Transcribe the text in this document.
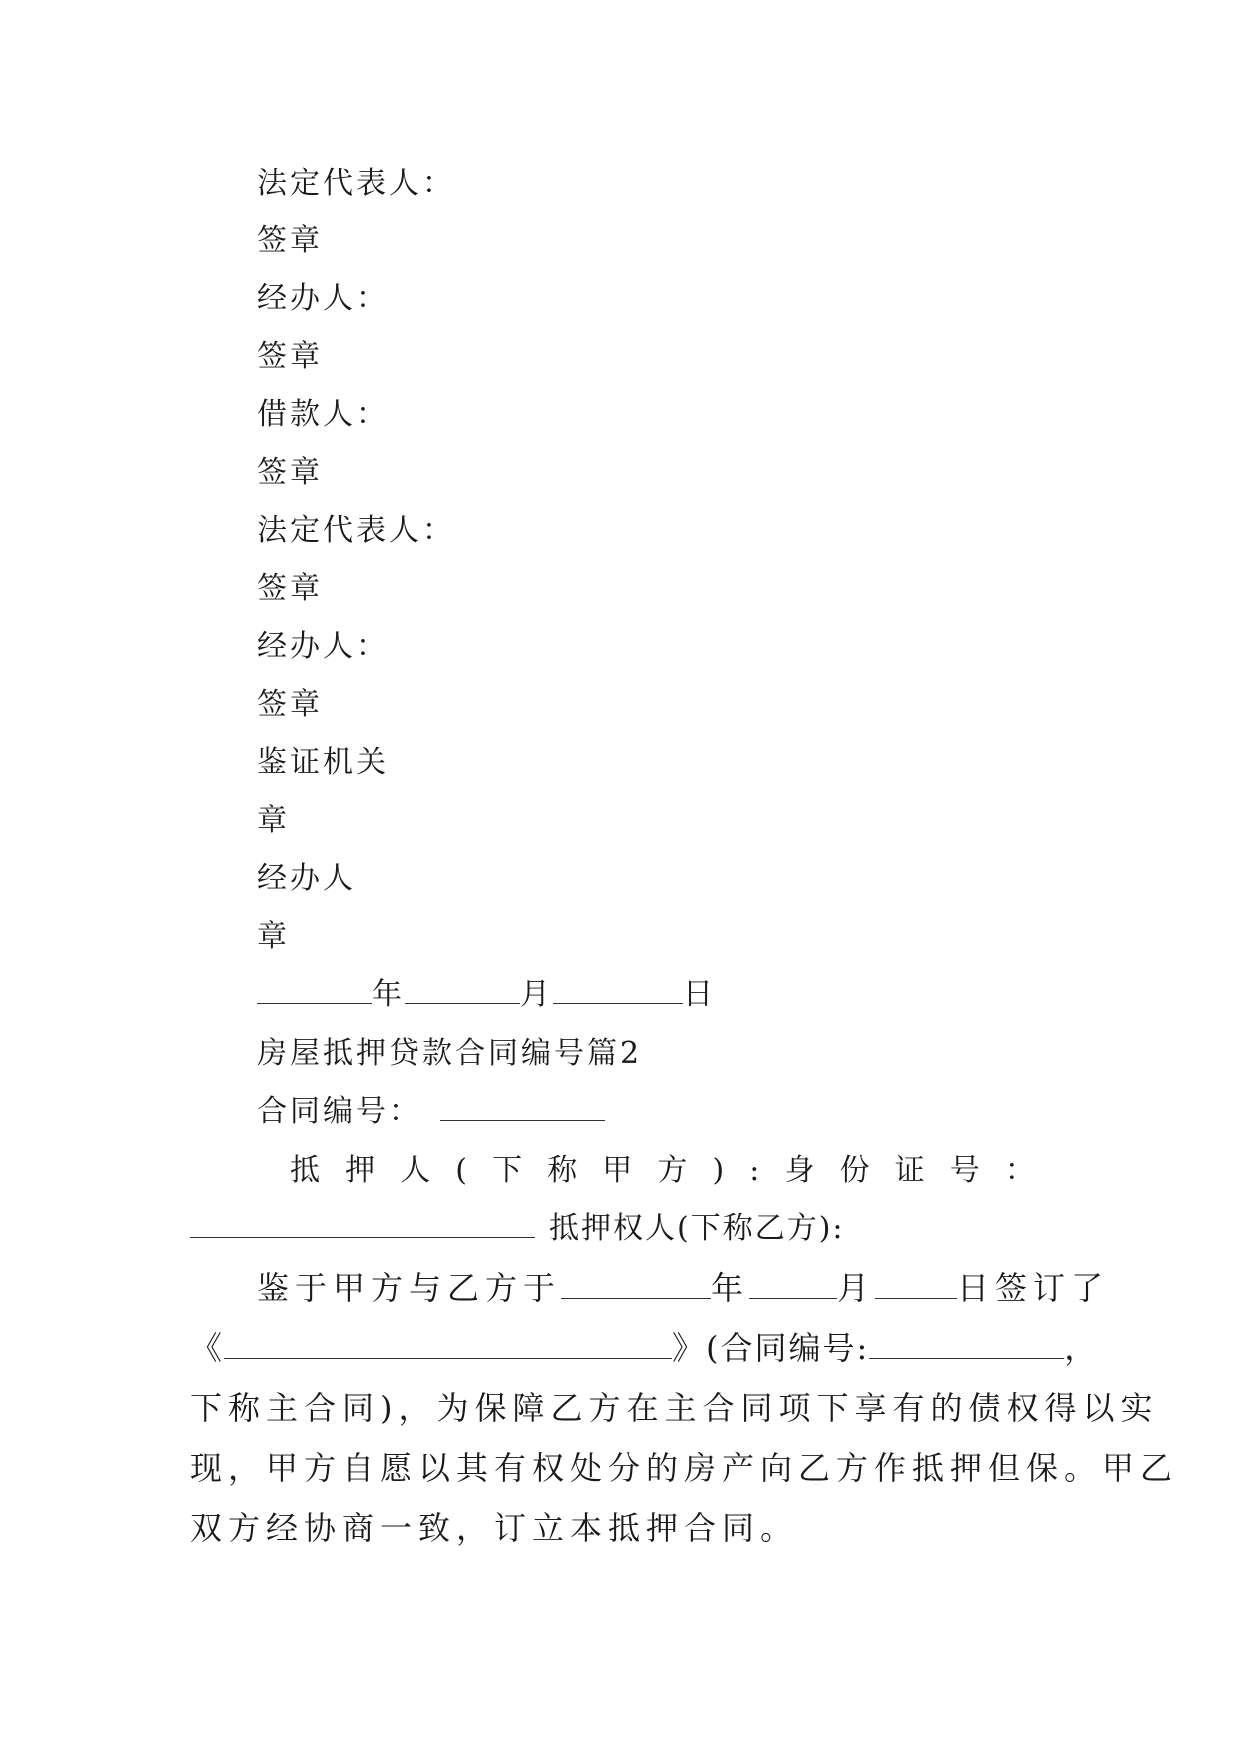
法定代表人：
签章
经办人：
签章
借款人：
签章
法定代表人：
签章
经办人：
签章
鉴证机关
章
经办人
章
年	月	日
房屋抵押贷款合同编号篇2
合同编号：
抵 押 人 ( 下 称 甲 方 ) : 身 份 证 号 ：
抵押权人(下称乙方):
鉴于甲方与乙方于	年	月	日签订了
《	》(合同编号:	，
下称主合同)，为保障乙方在主合同项下享有的债权得以实
现，甲方自愿以其有权处分的房产向乙方作抵押但保。甲乙
双方经协商一致，订立本抵押合同。
